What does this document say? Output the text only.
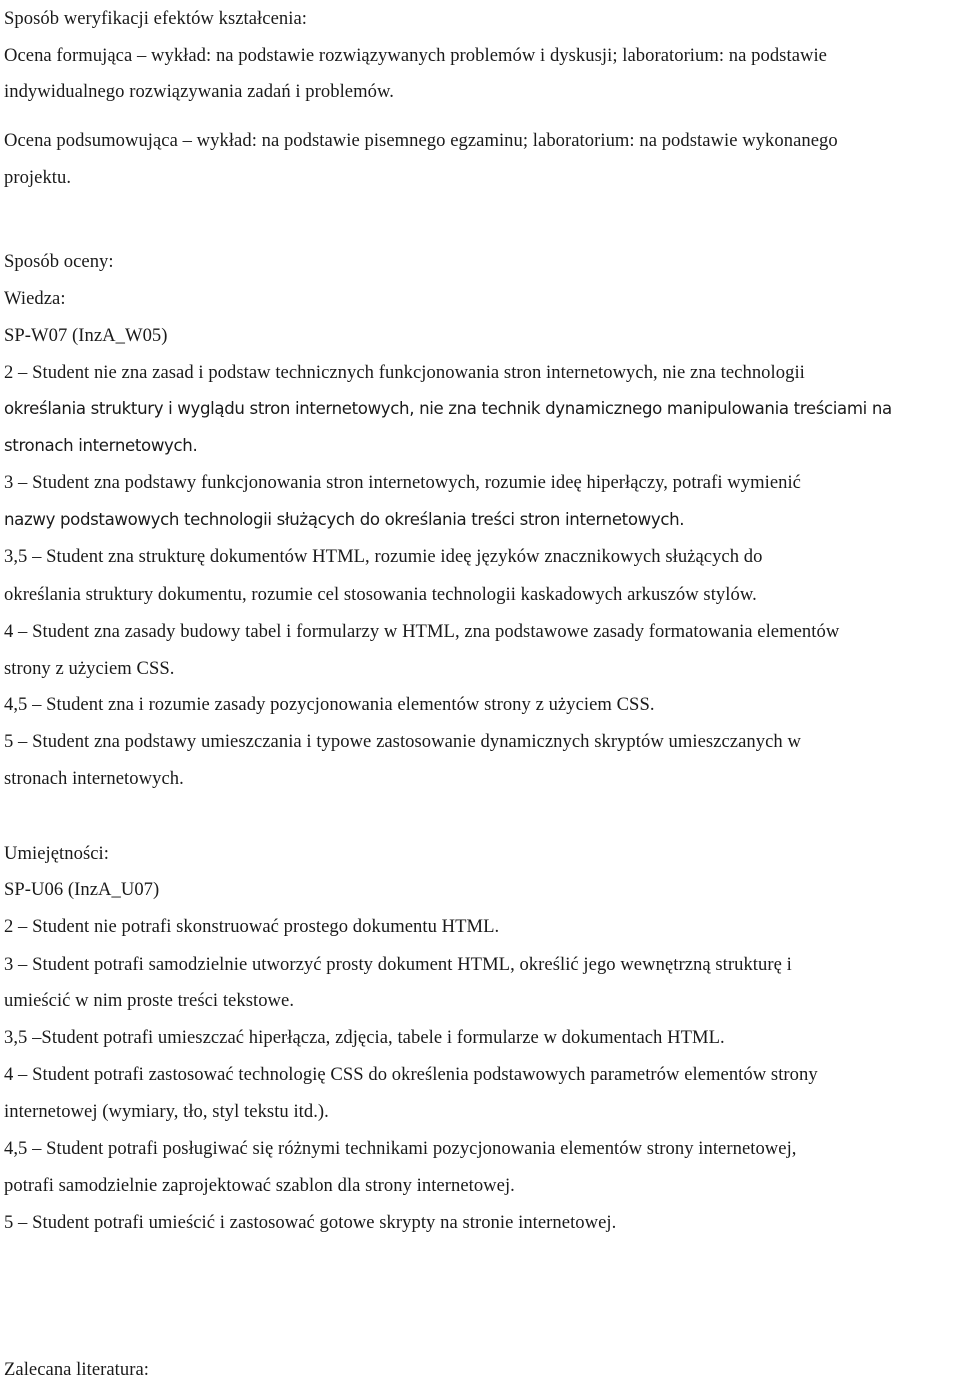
Sposób weryfikacji efektów kształcenia:
Ocena formująca – wykład: na podstawie rozwiązywanych problemów i dyskusji; laboratorium: na podstawie
indywidualnego rozwiązywania zadań i problemów.
Ocena podsumowująca – wykład: na podstawie pisemnego egzaminu; laboratorium: na podstawie wykonanego
projektu.
Sposób oceny:
Wiedza:
SP-W07 (InzA_W05)
2 – Student nie zna zasad i podstaw technicznych funkcjonowania stron internetowych, nie zna technologii
określania struktury i wyglądu stron internetowych, nie zna technik dynamicznego manipulowania treściami na
stronach internetowych.
3 – Student zna podstawy funkcjonowania stron internetowych, rozumie ideę hiperłączy, potrafi wymienić
nazwy podstawowych technologii służących do określania treści stron internetowych.
3,5 – Student zna strukturę dokumentów HTML, rozumie ideę języków znacznikowych służących do
określania struktury dokumentu, rozumie cel stosowania technologii kaskadowych arkuszów stylów.
4 – Student zna zasady budowy tabel i formularzy w HTML, zna podstawowe zasady formatowania elementów
strony z użyciem CSS.
4,5 – Student zna i rozumie zasady pozycjonowania elementów strony z użyciem CSS.
5 – Student zna podstawy umieszczania i typowe zastosowanie dynamicznych skryptów umieszczanych w
stronach internetowych.
Umiejętności:
SP-U06 (InzA_U07)
2 – Student nie potrafi skonstruować prostego dokumentu HTML.
3 – Student potrafi samodzielnie utworzyć prosty dokument HTML, określić jego wewnętrzną strukturę i
umieścić w nim proste treści tekstowe.
3,5 –Student potrafi umieszczać hiperłącza, zdjęcia, tabele i formularze w dokumentach HTML.
4 – Student potrafi zastosować technologię CSS do określenia podstawowych parametrów elementów strony
internetowej (wymiary, tło, styl tekstu itd.).
4,5 – Student potrafi posługiwać się różnymi technikami pozycjonowania elementów strony internetowej,
potrafi samodzielnie zaprojektować szablon dla strony internetowej.
5 – Student potrafi umieścić i zastosować gotowe skrypty na stronie internetowej.
Zalecana literatura:
